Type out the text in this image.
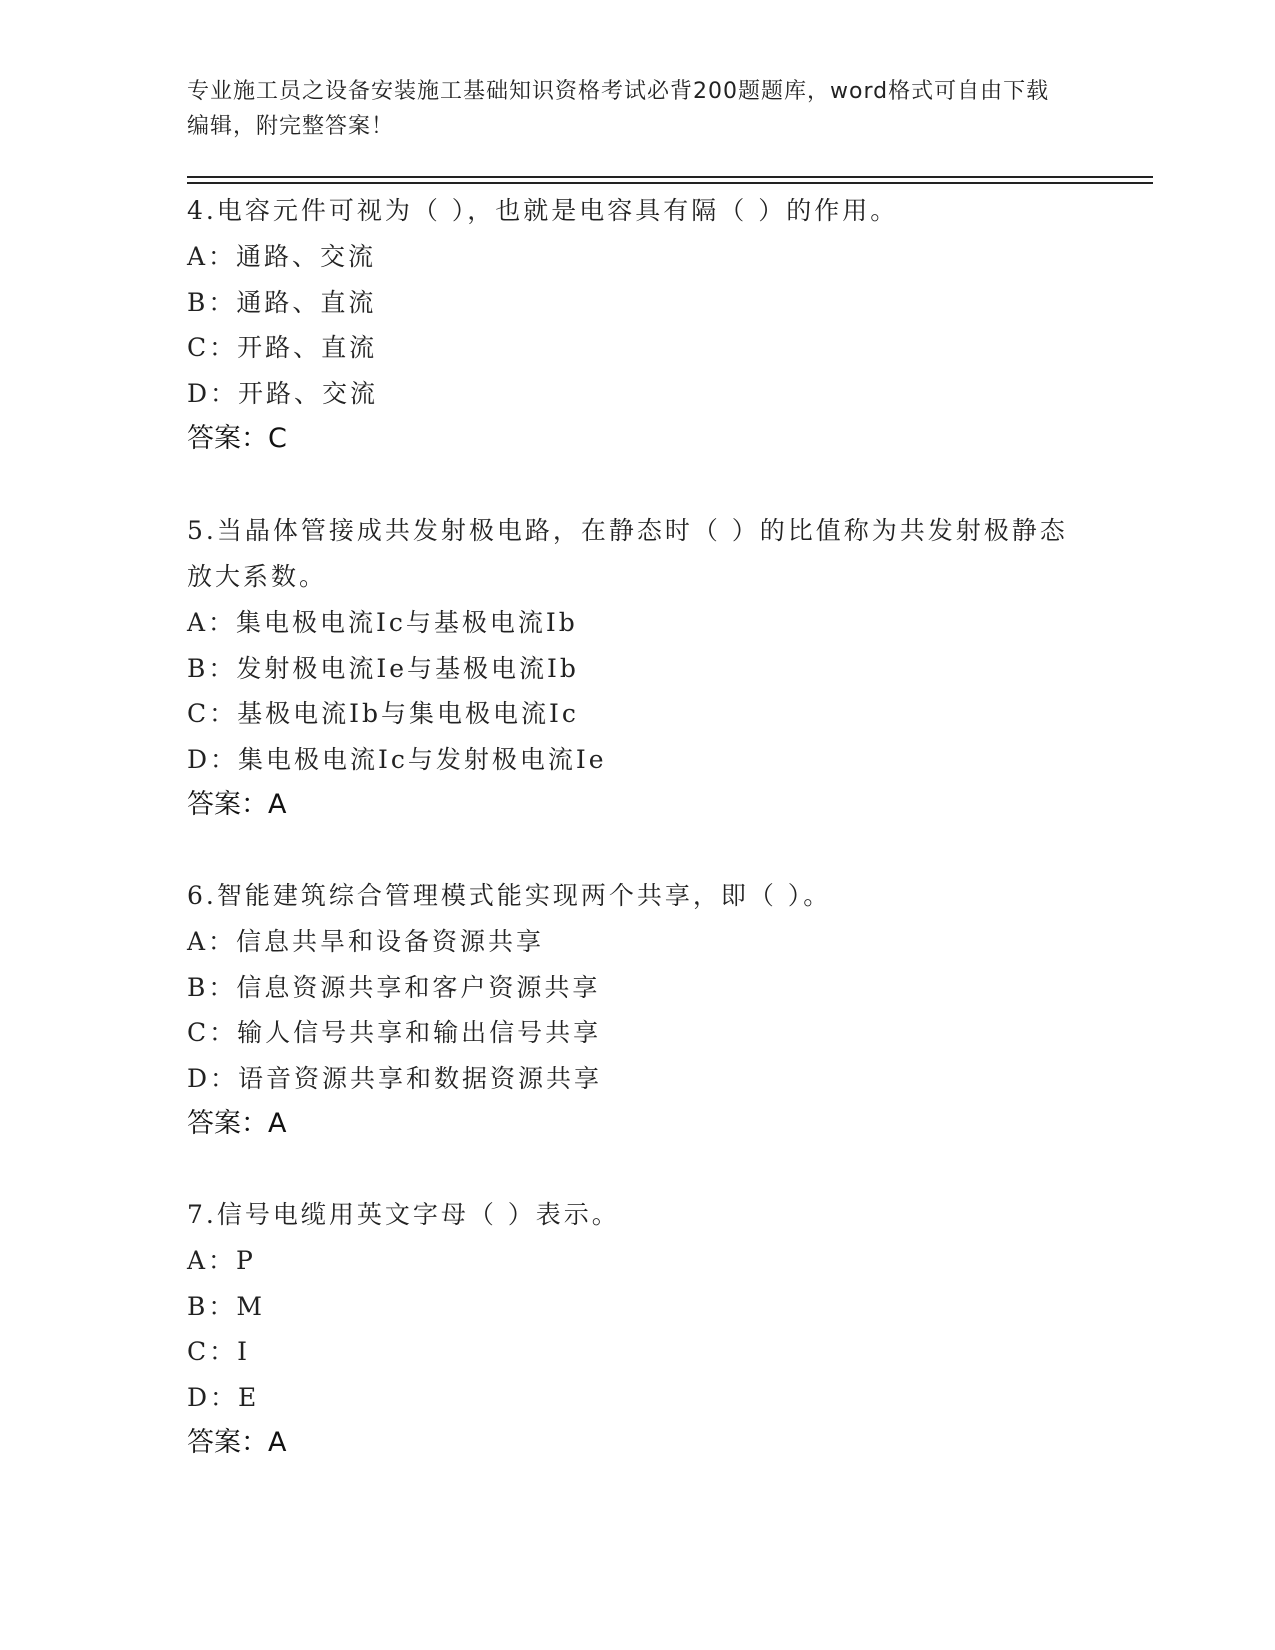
专业施工员之设备安装施工基础知识资格考试必背200题题库，word格式可自由下载编辑，附完整答案！
4.电容元件可视为（ ），也就是电容具有隔（ ）的作用。
A：通路、交流
B：通路、直流
C：开路、直流
D：开路、交流
答案：C
5.当晶体管接成共发射极电路，在静态时（ ）的比值称为共发射极静态放大系数。
A：集电极电流Ic与基极电流Ib
B：发射极电流Ie与基极电流Ib
C：基极电流Ib与集电极电流Ic
D：集电极电流Ic与发射极电流Ie
答案：A
6.智能建筑综合管理模式能实现两个共享，即（ ）。
A：信息共旱和设备资源共享
B：信息资源共享和客户资源共享
C：输人信号共享和输出信号共享
D：语音资源共享和数据资源共享
答案：A
7.信号电缆用英文字母（ ）表示。
A：P
B：M
C：I
D：E
答案：A
